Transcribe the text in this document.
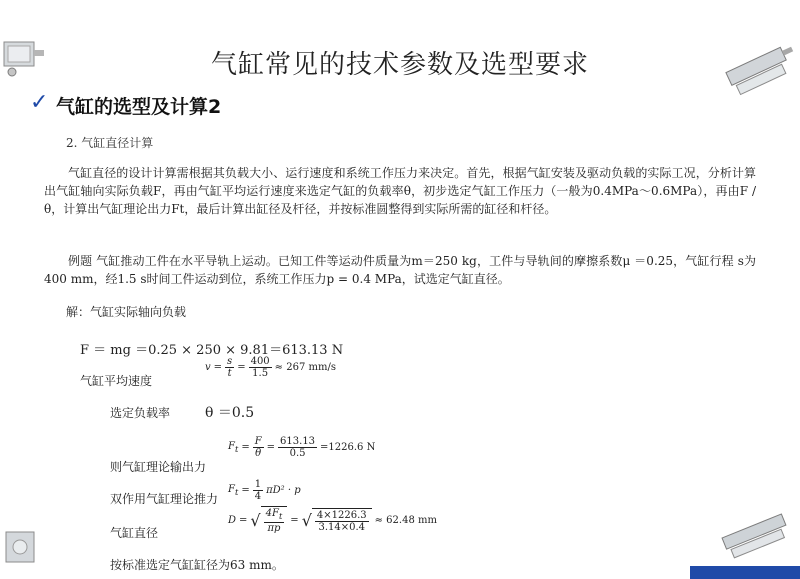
气缸常见的技术参数及选型要求
✓ 气缸的选型及计算2
2. 气缸直径计算
气缸直径的设计计算需根据其负载大小、运行速度和系统工作压力来决定。首先，根据气缸安装及驱动负载的实际工况，分析计算出气缸轴向实际负载F，再由气缸平均运行速度来选定气缸的负载率θ，初步选定气缸工作压力（一般为0.4MPa～0.6MPa），再由F / θ，计算出气缸理论出力Ft，最后计算出缸径及杆径，并按标准圆整得到实际所需的缸径和杆径。
例题 气缸推动工件在水平导轨上运动。已知工件等运动件质量为m＝250 kg，工件与导轨间的摩擦系数μ ＝0.25，气缸行程 s为 400 mm，经1.5 s时间工件运动到位，系统工作压力p = 0.4 MPa，试选定气缸直径。
解：气缸实际轴向负载
F ＝ mg ＝0.25 × 250 × 9.81＝613.13 N
气缸平均速度
$v = \frac{s}{t} = \frac{400}{1.5} \approx 267$ mm/s
选定负载率 θ ＝0.5
则气缸理论输出力
$F_t = \frac{F}{\theta} = \frac{613.13}{0.5} =1226.6$ N
双作用气缸理论推力
$F_t = \frac{1}{4} \pi D^2 \cdot p$
气缸直径
D = √ $\frac{4F_t}{\pi p}$ = √ $\frac{4\times 1226.3}{3.14\times 0.4} \approx 62.48$ mm
按标准选定气缸缸径为63 mm。
